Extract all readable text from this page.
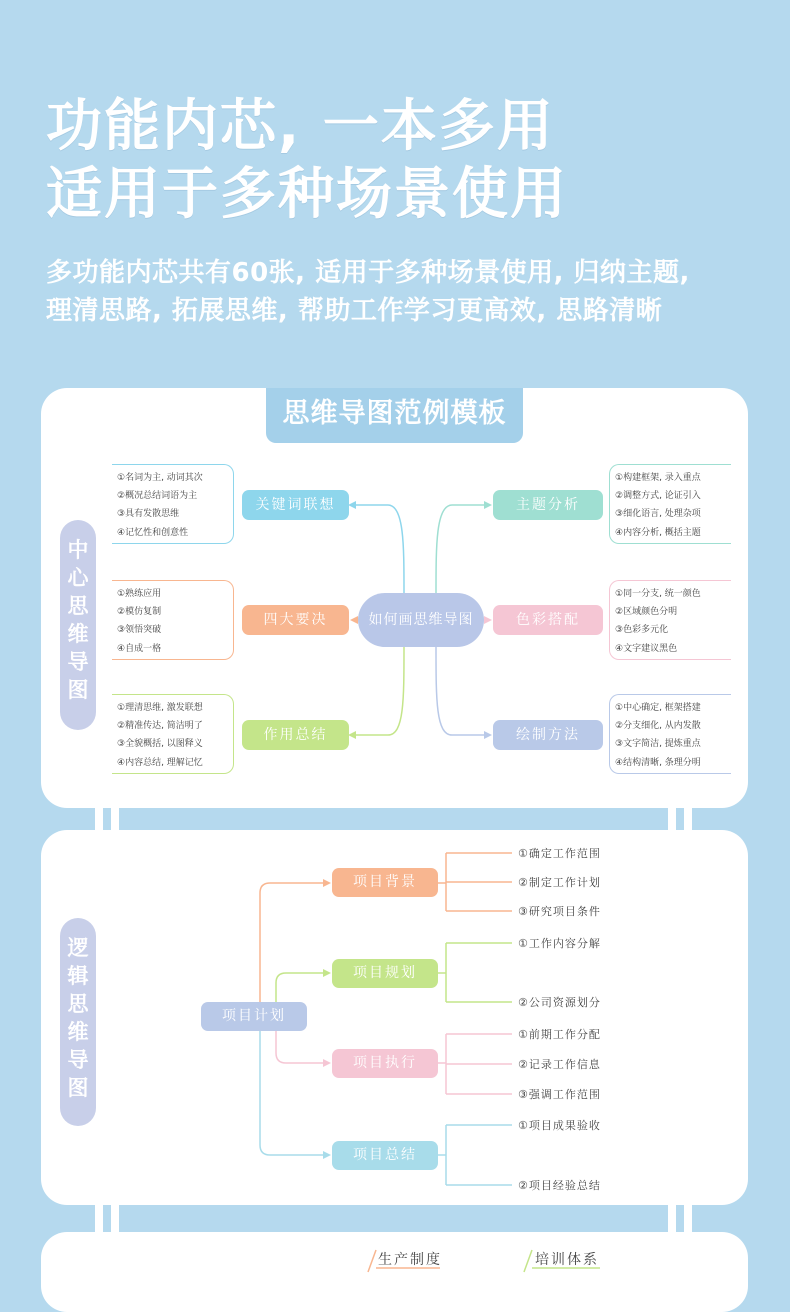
功能内芯, 一本多用
适用于多种场景使用

多功能内芯共有60张, 适用于多种场景使用, 归纳主题,

理清思路, 拓展思维, 帮助工作学习更高效, 思路清晰

思维导图范例模板
中
心
思
维
导
图
如何画思维导图
关键词联想
①名词为主, 动词其次
②概况总结词语为主
③具有发散思维
④记忆性和创意性
四大要决
①熟练应用
②模仿复制
③领悟突破
④自成一格
作用总结
①理清思维, 激发联想
②精准传达, 简洁明了
③全貌概括, 以图释义
④内容总结, 理解记忆
主题分析
①构建框架, 录入重点
②调整方式, 论证引入
③细化语言, 处理杂项
④内容分析, 概括主题
色彩搭配
①同一分支, 统一颜色
②区域颜色分明
③色彩多元化
④文字建议黑色
绘制方法
①中心确定, 框架搭建
②分支细化, 从内发散
③文字简洁, 提炼重点
④结构清晰, 条理分明
逻
辑
思
维
导
图
项目计划
项目背景
项目规划
项目执行
项目总结
①确定工作范围
②制定工作计划
③研究项目条件
①工作内容分解
②公司资源划分
①前期工作分配
②记录工作信息
③强调工作范围
①项目成果验收
②项目经验总结
生产制度	培训体系
